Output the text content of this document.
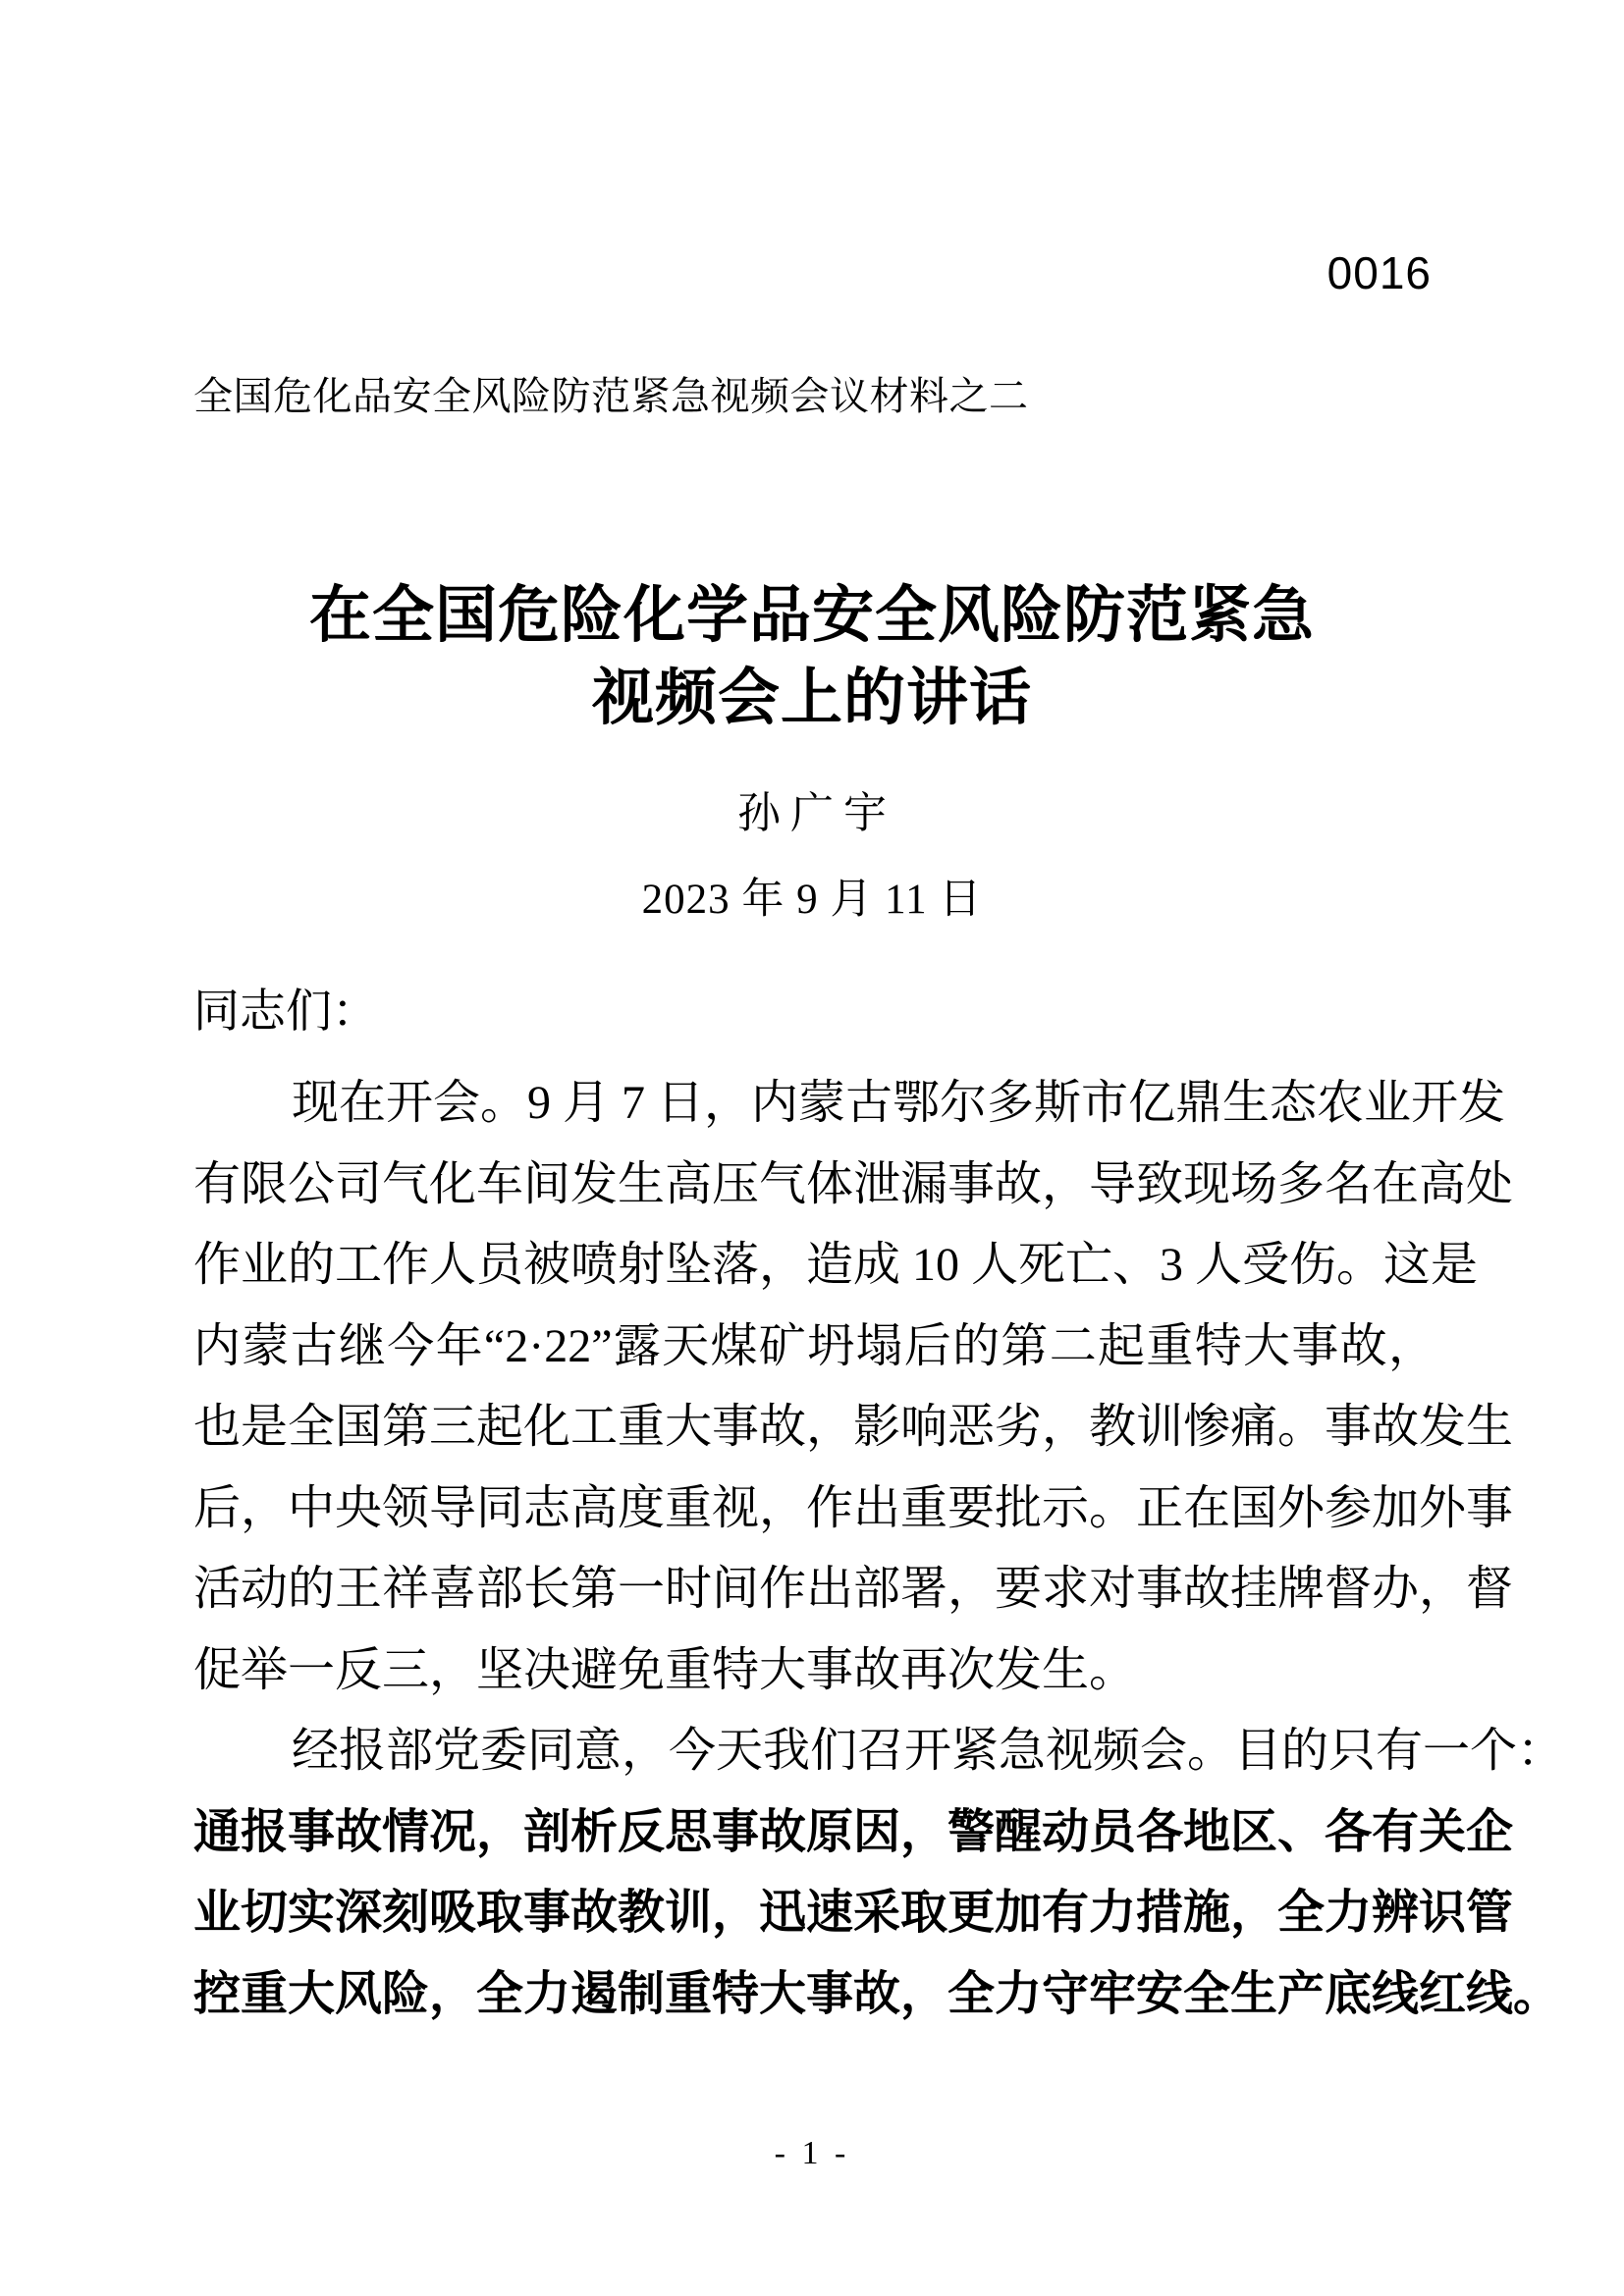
0016
全国危化品安全风险防范紧急视频会议材料之二
在全国危险化学品安全风险防范紧急
视频会上的讲话
孙广宇
2023 年 9 月 11 日
同志们：
现在开会。9 月 7 日，内蒙古鄂尔多斯市亿鼎生态农业开发
有限公司气化车间发生高压气体泄漏事故，导致现场多名在高处
作业的工作人员被喷射坠落，造成 10 人死亡、3 人受伤。这是
内蒙古继今年“2·22”露天煤矿坍塌后的第二起重特大事故，
也是全国第三起化工重大事故，影响恶劣，教训惨痛。事故发生
后，中央领导同志高度重视，作出重要批示。正在国外参加外事
活动的王祥喜部长第一时间作出部署，要求对事故挂牌督办，督
促举一反三，坚决避免重特大事故再次发生。
经报部党委同意，今天我们召开紧急视频会。目的只有一个：
通报事故情况，剖析反思事故原因，警醒动员各地区、各有关企
业切实深刻吸取事故教训，迅速采取更加有力措施，全力辨识管
控重大风险，全力遏制重特大事故，全力守牢安全生产底线红线。
- 1 -
